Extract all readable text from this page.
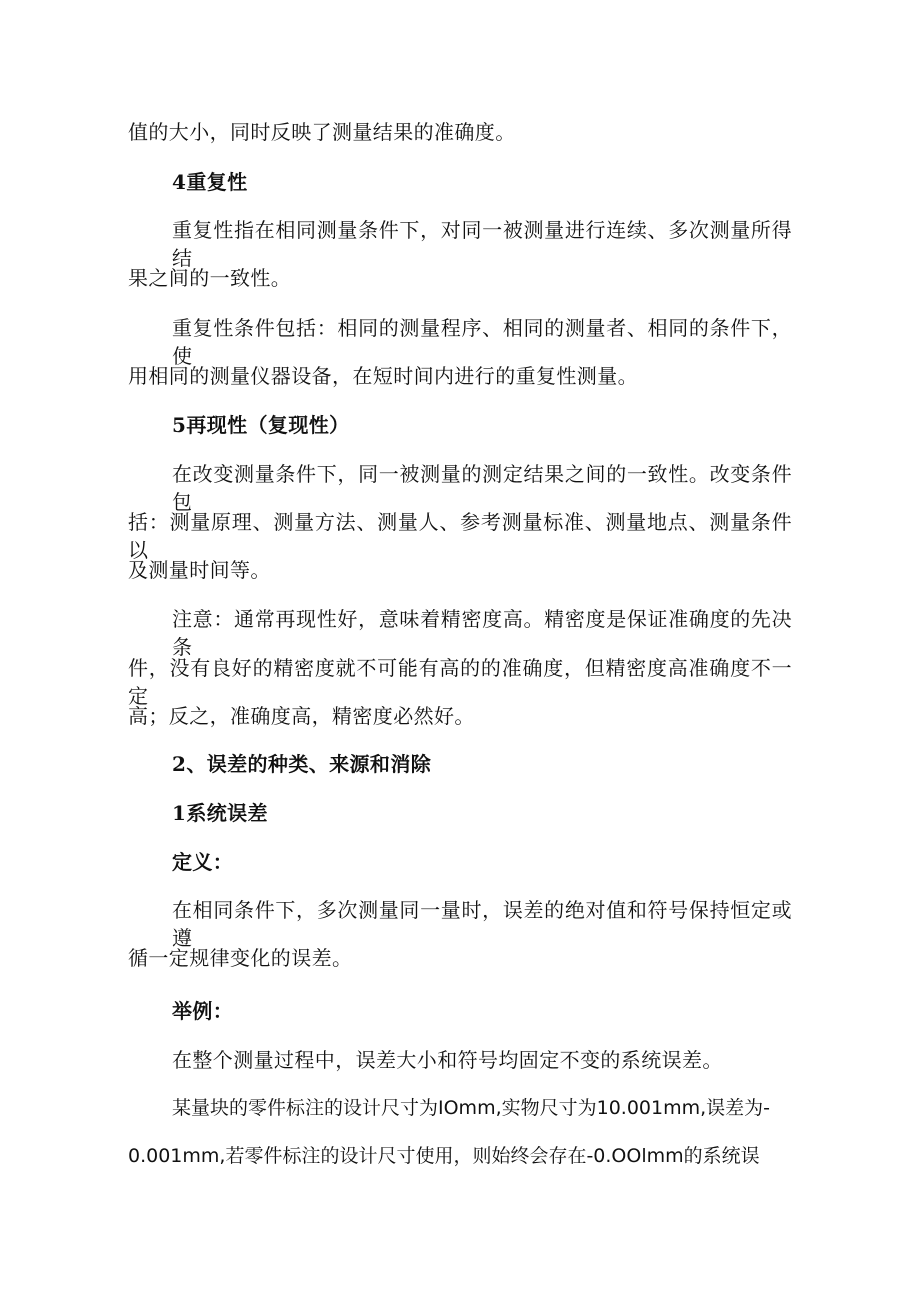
值的大小，同时反映了测量结果的准确度。
4重复性
重复性指在相同测量条件下，对同一被测量进行连续、多次测量所得结
果之间的一致性。
重复性条件包括：相同的测量程序、相同的测量者、相同的条件下，使
用相同的测量仪器设备，在短时间内进行的重复性测量。
5再现性（复现性）
在改变测量条件下，同一被测量的测定结果之间的一致性。改变条件包
括：测量原理、测量方法、测量人、参考测量标准、测量地点、测量条件以
及测量时间等。
注意：通常再现性好，意味着精密度高。精密度是保证准确度的先决条
件，没有良好的精密度就不可能有高的的准确度，但精密度高准确度不一定
高；反之，准确度高，精密度必然好。
2、误差的种类、来源和消除
1系统误差
定义：
在相同条件下，多次测量同一量时，误差的绝对值和符号保持恒定或遵
循一定规律变化的误差。
举例：
在整个测量过程中，误差大小和符号均固定不变的系统误差。
某量块的零件标注的设计尺寸为IOmm,实物尺寸为10.001mm,误差为-
0.001mm,若零件标注的设计尺寸使用，则始终会存在-0.OOlmm的系统误
